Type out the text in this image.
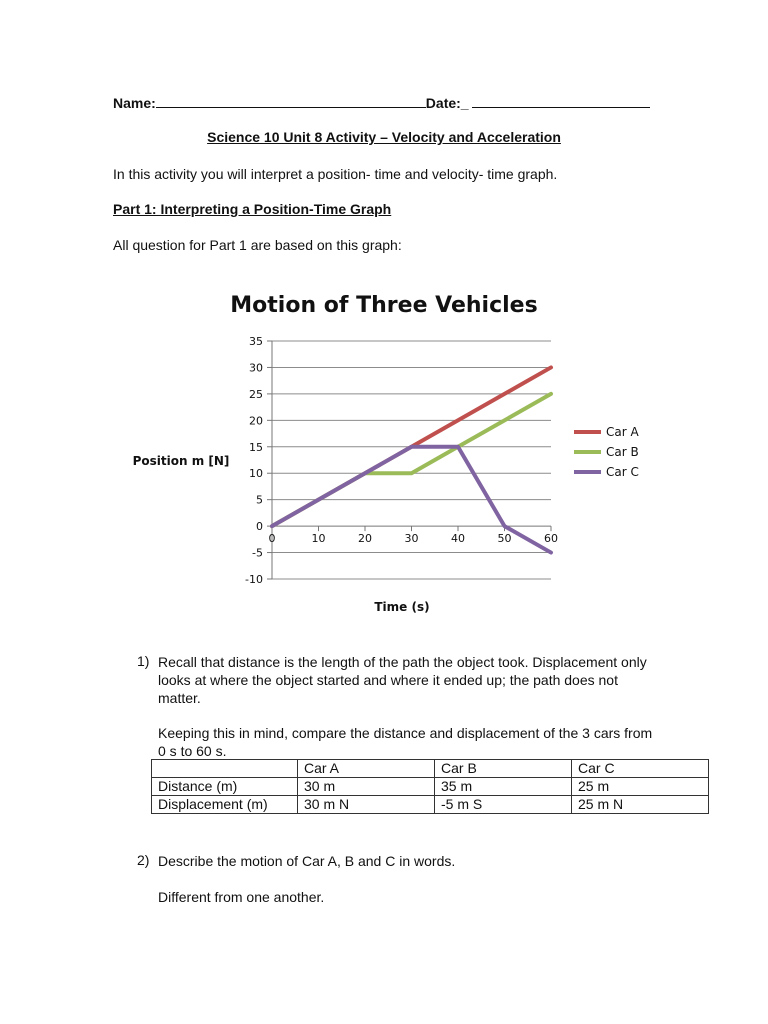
Name:	Date:_
Science 10 Unit 8 Activity – Velocity and Acceleration
In this activity you will interpret a position- time and velocity- time graph.
Part 1: Interpreting a Position-Time Graph
All question for Part 1 are based on this graph:
Car A
Car B
Car C
35
30
25
20
15
10
5
0
-5
-10
0	10	20	30	40	50	60
Motion of Three Vehicles
Time (s)
Position m [N]
1) Recall that distance is the length of the path the object took. Displacement only looks at where the object started and where it ended up; the path does not matter.
Keeping this in mind, compare the distance and displacement of the 3 cars from 0 s to 60 s.
	Car A	Car B	Car C
Distance (m)	30 m	35 m	25 m
Displacement (m)	30 m N	-5 m S	25 m N
2) Describe the motion of Car A, B and C in words.
Different from one another.
